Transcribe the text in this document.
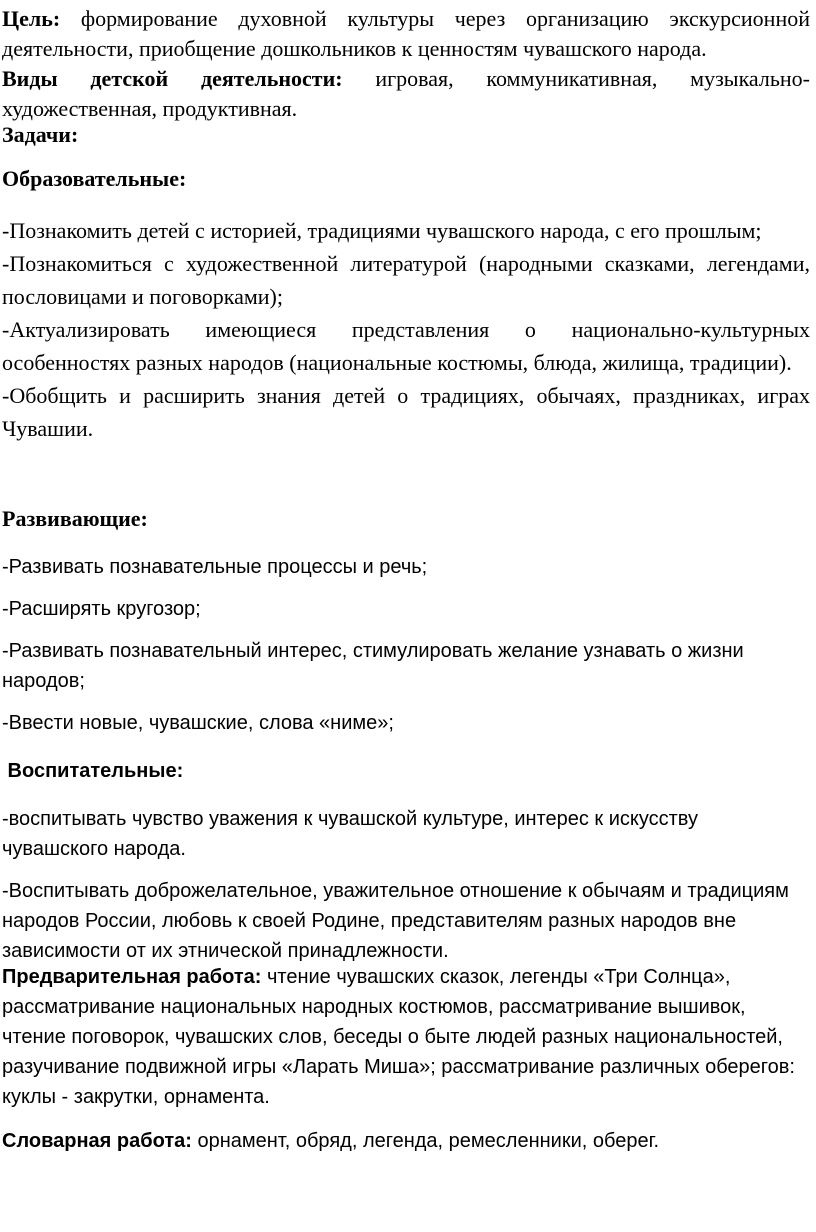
Цель: формирование духовной культуры через организацию экскурсионной деятельности, приобщение дошкольников к ценностям чувашского народа.

Виды детской деятельности: игровая, коммуникативная, музыкально-художественная, продуктивная.

Задачи:

Образовательные:

-Познакомить детей с историей, традициями чувашского народа, с его прошлым;

-Познакомиться с художественной литературой (народными сказками, легендами, пословицами и поговорками);

-Актуализировать имеющиеся представления о национально-культурных особенностях разных народов (национальные костюмы, блюда, жилища, традиции).

-Обобщить и расширить знания детей о традициях, обычаях, праздниках, играх Чувашии.

Развивающие:

-Развивать познавательные процессы и речь;

-Расширять кругозор;

-Развивать познавательный интерес, стимулировать желание узнавать о жизни народов;

-Ввести новые, чувашские, слова «ниме»;

Воспитательные:

-воспитывать чувство уважения к чувашской культуре, интерес к искусству чувашского народа.

-Воспитывать доброжелательное, уважительное отношение к обычаям и традициям народов России, любовь к своей Родине, представителям разных народов вне зависимости от их этнической принадлежности.

Предварительная работа: чтение чувашских сказок, легенды «Три Солнца», рассматривание национальных народных костюмов, рассматривание вышивок, чтение поговорок, чувашских слов, беседы о быте людей разных национальностей, разучивание подвижной игры «Ларать Миша»; рассматривание различных оберегов: куклы - закрутки, орнамента.

Словарная работа: орнамент, обряд, легенда, ремесленники, оберег.
